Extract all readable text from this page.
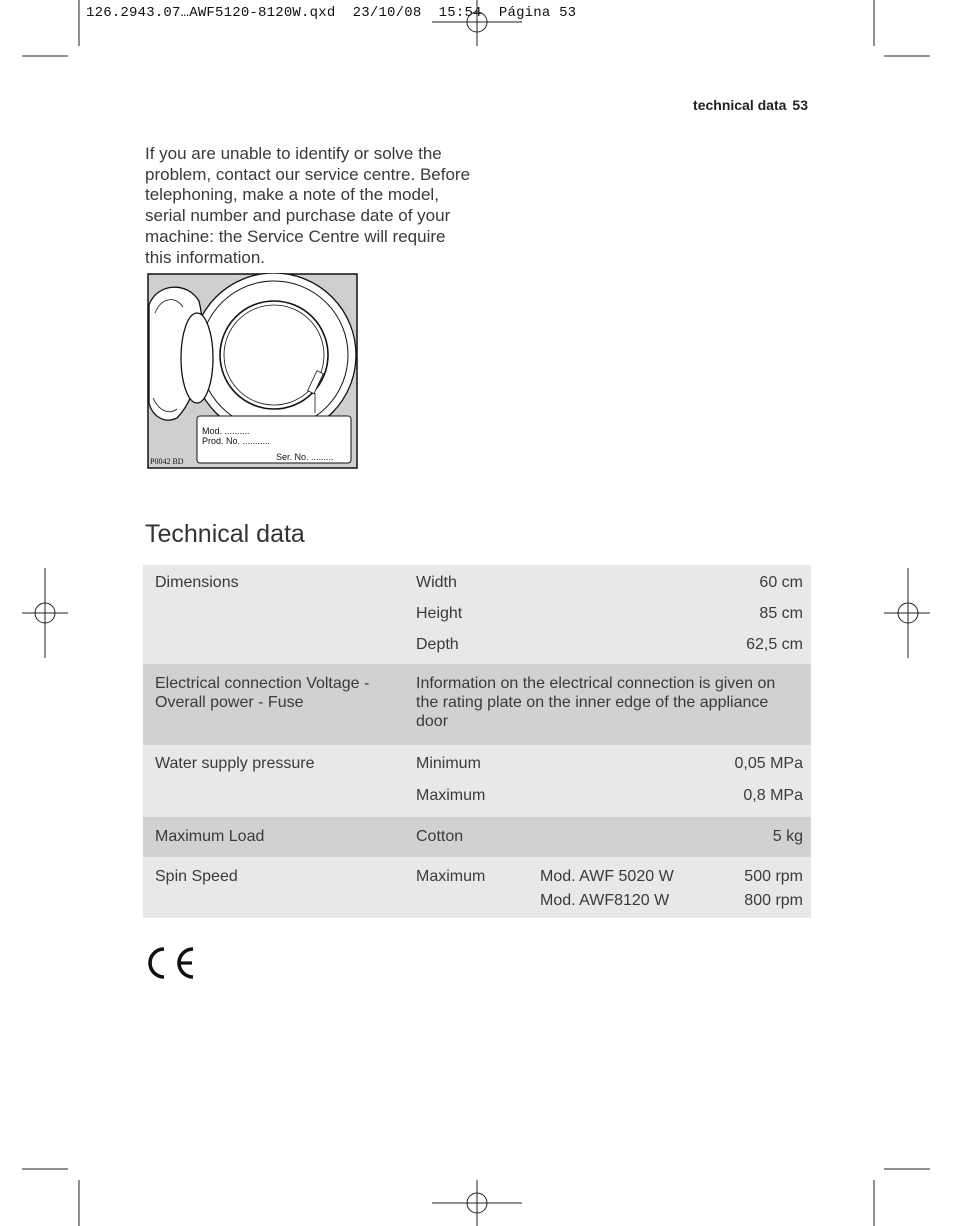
126.2943.07…AWF5120-8120W.qxd  23/10/08  15:54  Página 53
technical data 53
If you are unable to identify or solve the problem, contact our service centre. Before telephoning, make a note of the model, serial number and purchase date of your machine: the Service Centre will require this information.
Mod. ..........
Prod. No. ...........
Ser. No. .........
P0042 BD
Technical data
Dimensions	Width	60 cm
Height	85 cm
Depth	62,5 cm
Electrical connection Voltage - Overall power - Fuse
Information on the electrical connection is given on the rating plate on the inner edge of the appliance door
Water supply pressure	Minimum	0,05 MPa
Maximum	0,8 MPa
Maximum Load	Cotton	5 kg
Spin Speed	Maximum	Mod. AWF 5020 W	500 rpm
Mod. AWF8120 W	800 rpm
